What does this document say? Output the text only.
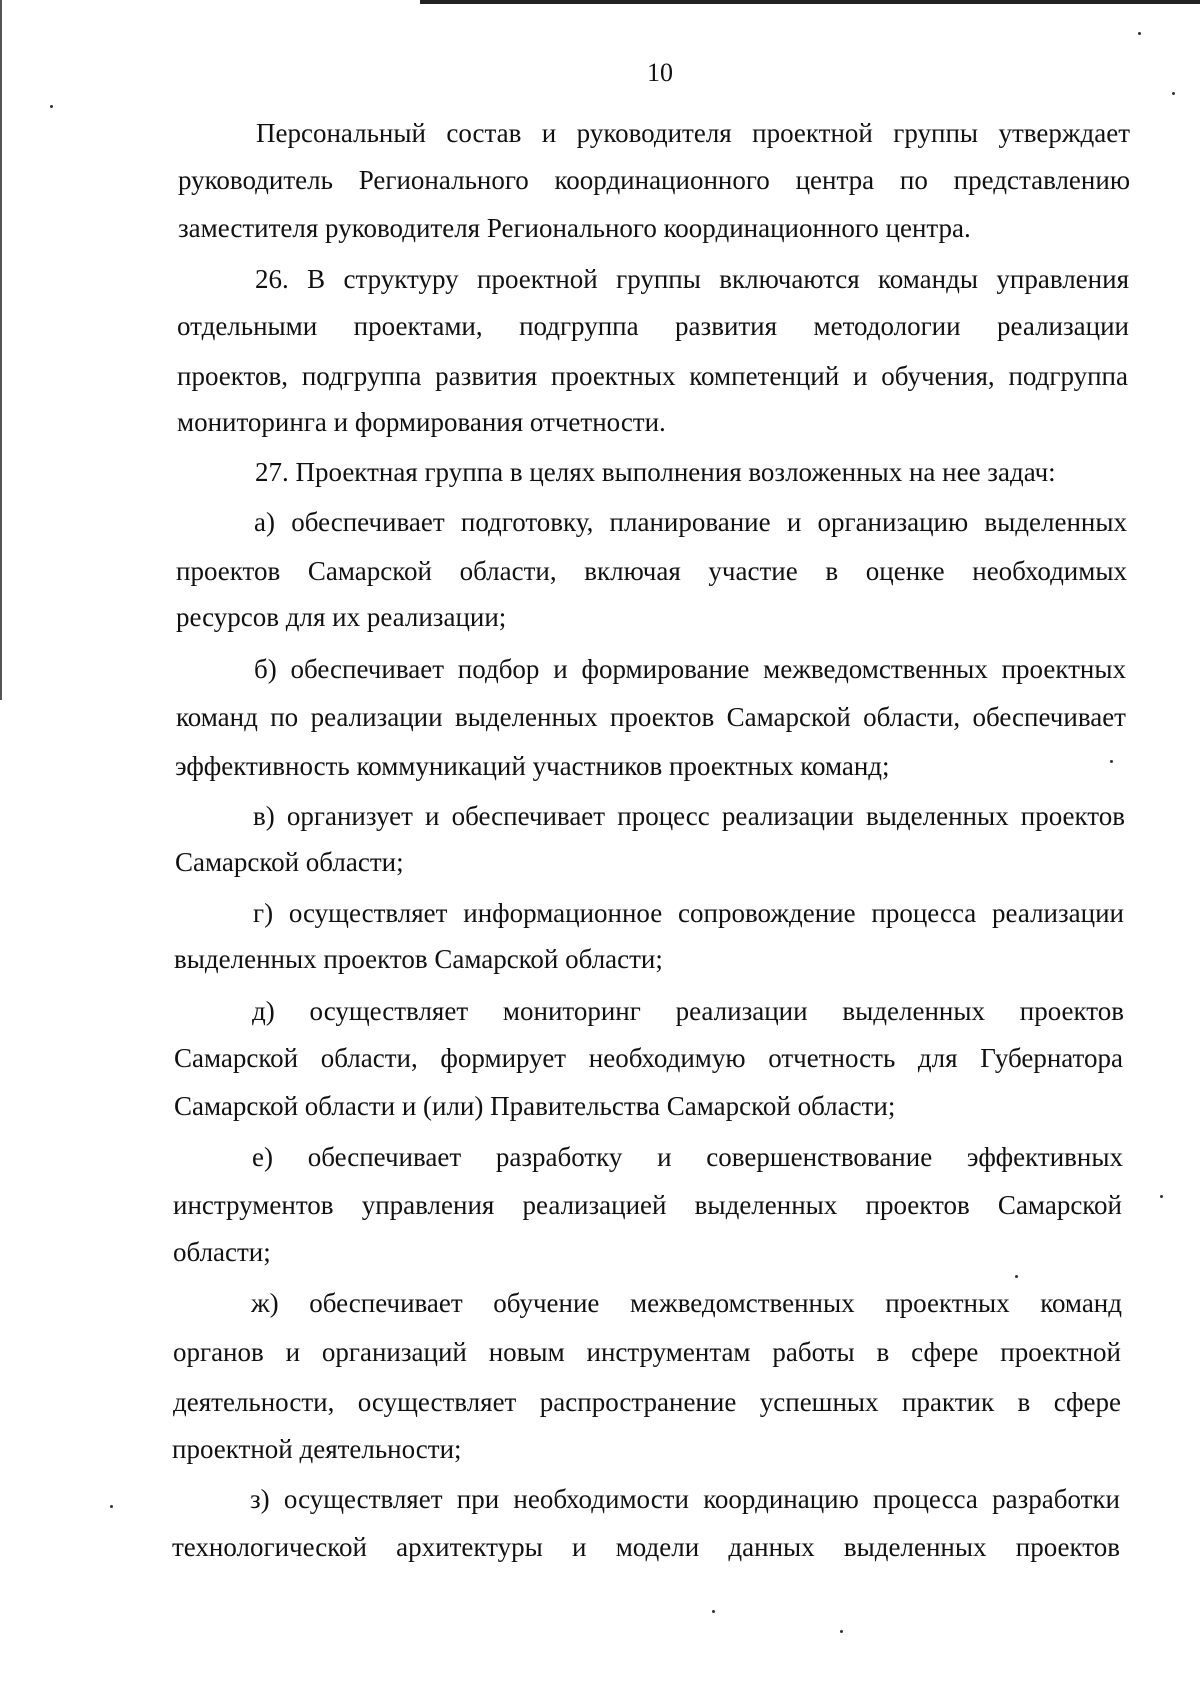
10
Персональный состав и руководителя проектной группы утверждает
руководитель Регионального координационного центра по представлению
заместителя руководителя Регионального координационного центра.
26. В структуру проектной группы включаются команды управления
отдельными проектами, подгруппа развития методологии реализации
проектов, подгруппа развития проектных компетенций и обучения, подгруппа
мониторинга и формирования отчетности.
27. Проектная группа в целях выполнения возложенных на нее задач:
а) обеспечивает подготовку, планирование и организацию выделенных
проектов Самарской области, включая участие в оценке необходимых
ресурсов для их реализации;
б) обеспечивает подбор и формирование межведомственных проектных
команд по реализации выделенных проектов Самарской области, обеспечивает
эффективность коммуникаций участников проектных команд;
в) организует и обеспечивает процесс реализации выделенных проектов
Самарской области;
г) осуществляет информационное сопровождение процесса реализации
выделенных проектов Самарской области;
д) осуществляет мониторинг реализации выделенных проектов
Самарской области, формирует необходимую отчетность для Губернатора
Самарской области и (или) Правительства Самарской области;
е) обеспечивает разработку и совершенствование эффективных
инструментов управления реализацией выделенных проектов Самарской
области;
ж) обеспечивает обучение межведомственных проектных команд
органов и организаций новым инструментам работы в сфере проектной
деятельности, осуществляет распространение успешных практик в сфере
проектной деятельности;
з) осуществляет при необходимости координацию процесса разработки
технологической архитектуры и модели данных выделенных проектов
